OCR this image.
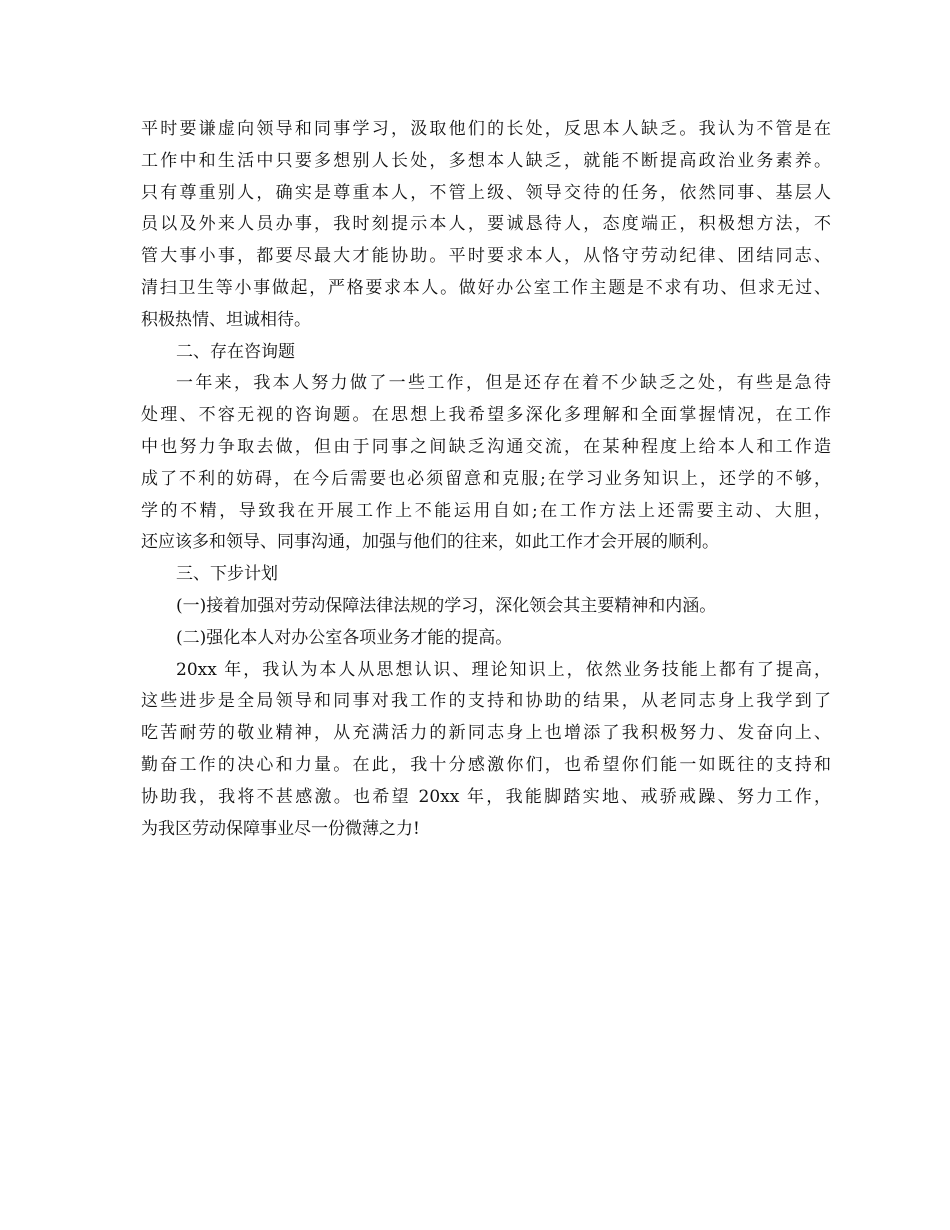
平时要谦虚向领导和同事学习，汲取他们的长处，反思本人缺乏。我认为不管是在
工作中和生活中只要多想别人长处，多想本人缺乏，就能不断提高政治业务素养。
只有尊重别人，确实是尊重本人，不管上级、领导交待的任务，依然同事、基层人
员以及外来人员办事，我时刻提示本人，要诚恳待人，态度端正，积极想方法，不
管大事小事，都要尽最大才能协助。平时要求本人，从恪守劳动纪律、团结同志、
清扫卫生等小事做起，严格要求本人。做好办公室工作主题是不求有功、但求无过、
积极热情、坦诚相待。
二、存在咨询题
一年来，我本人努力做了一些工作，但是还存在着不少缺乏之处，有些是急待
处理、不容无视的咨询题。在思想上我希望多深化多理解和全面掌握情况，在工作
中也努力争取去做，但由于同事之间缺乏沟通交流，在某种程度上给本人和工作造
成了不利的妨碍，在今后需要也必须留意和克服;在学习业务知识上，还学的不够，
学的不精，导致我在开展工作上不能运用自如;在工作方法上还需要主动、大胆，
还应该多和领导、同事沟通，加强与他们的往来，如此工作才会开展的顺利。
三、下步计划
(一)接着加强对劳动保障法律法规的学习，深化领会其主要精神和内涵。
(二)强化本人对办公室各项业务才能的提高。
20xx 年，我认为本人从思想认识、理论知识上，依然业务技能上都有了提高，
这些进步是全局领导和同事对我工作的支持和协助的结果，从老同志身上我学到了
吃苦耐劳的敬业精神，从充满活力的新同志身上也增添了我积极努力、发奋向上、
勤奋工作的决心和力量。在此，我十分感激你们，也希望你们能一如既往的支持和
协助我，我将不甚感激。也希望 20xx 年，我能脚踏实地、戒骄戒躁、努力工作，
为我区劳动保障事业尽一份微薄之力!
